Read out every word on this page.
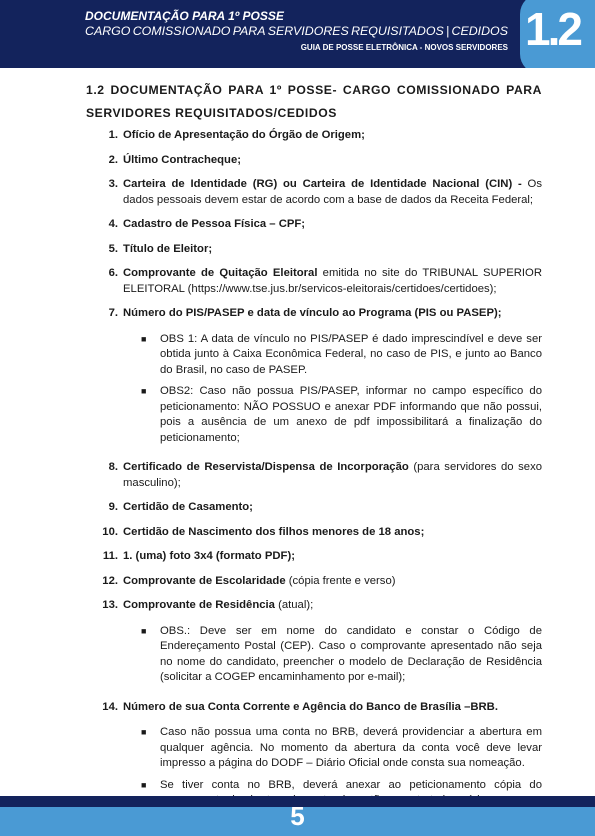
DOCUMENTAÇÃO PARA 1º POSSE
CARGO COMISSIONADO PARA SERVIDORES REQUISITADOS | CEDIDOS
GUIA DE POSSE ELETRÔNICA - NOVOS SERVIDORES 1.2
1.2 DOCUMENTAÇÃO PARA 1º POSSE- CARGO COMISSIONADO PARA SERVIDORES REQUISITADOS/CEDIDOS
1. Ofício de Apresentação do Órgão de Origem;
2. Último Contracheque;
3. Carteira de Identidade (RG) ou Carteira de Identidade Nacional (CIN) - Os dados pessoais devem estar de acordo com a base de dados da Receita Federal;
4. Cadastro de Pessoa Física – CPF;
5. Título de Eleitor;
6. Comprovante de Quitação Eleitoral emitida no site do TRIBUNAL SUPERIOR ELEITORAL (https://www.tse.jus.br/servicos-eleitorais/certidoes/certidoes);
7. Número do PIS/PASEP e data de vínculo ao Programa (PIS ou PASEP);
■	OBS 1: A data de vínculo no PIS/PASEP é dado imprescindível e deve ser obtida junto à Caixa Econômica Federal, no caso de PIS, e junto ao Banco do Brasil, no caso de PASEP.
■	OBS2: Caso não possua PIS/PASEP, informar no campo específico do peticionamento: NÃO POSSUO e anexar PDF informando que não possui, pois a ausência de um anexo de pdf impossibilitará a finalização do peticionamento;
8. Certificado de Reservista/Dispensa de Incorporação (para servidores do sexo masculino);
9. Certidão de Casamento;
10. Certidão de Nascimento dos filhos menores de 18 anos;
11. 1. (uma) foto 3x4 (formato PDF);
12. Comprovante de Escolaridade (cópia frente e verso)
13. Comprovante de Residência (atual);
■	OBS.: Deve ser em nome do candidato e constar o Código de Endereçamento Postal (CEP). Caso o comprovante apresentado não seja no nome do candidato, preencher o modelo de Declaração de Residência (solicitar a COGEP encaminhamento por e-mail);
14. Número de sua Conta Corrente e Agência do Banco de Brasília –BRB.
■	Caso não possua uma conta no BRB, deverá providenciar a abertura em qualquer agência. No momento da abertura da conta você deve levar impresso a página do DODF – Diário Oficial onde consta sua nomeação.
■	Se tiver conta no BRB, deverá anexar ao peticionamento cópia do
5
